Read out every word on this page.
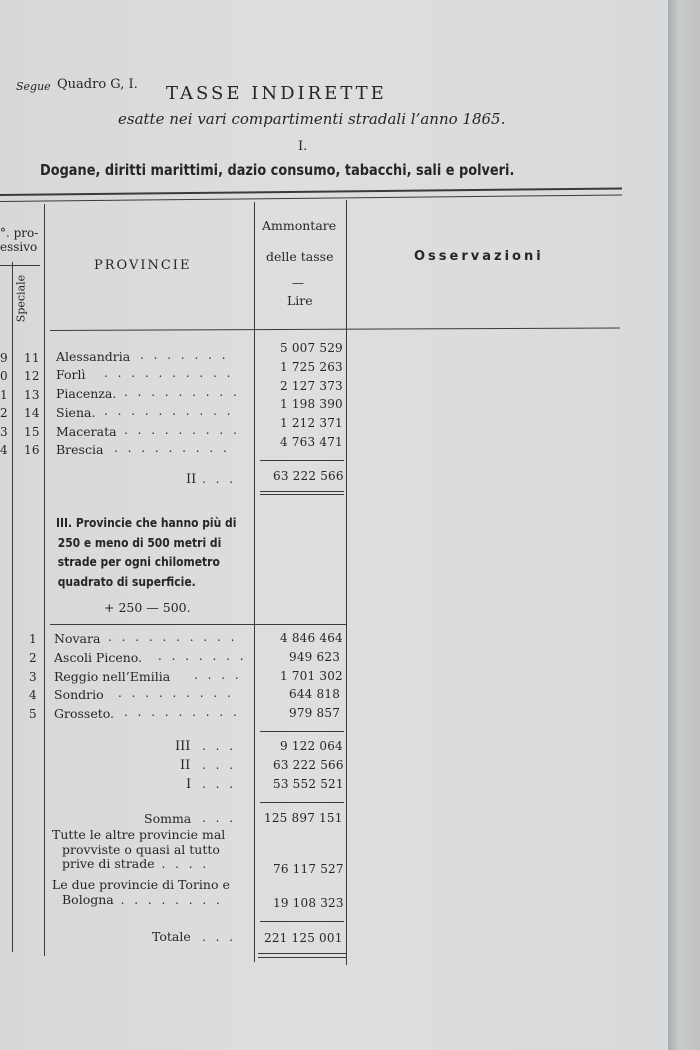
Segue Quadro G, I. TASSE INDIRETTE
esatte nei vari compartimenti stradali l’anno 1865.
I.
Dogane, diritti marittimi, dazio consumo, tabacchi, sali e polveri.
°. pro-
essivo
Speciale
PROVINCIE
Ammontare
delle tasse
—
Lire
Osservazioni
9 11 Alessandria . . . . . . .	5 007 529
0 12 Forlì . . . . . . . . . .	1 725 263
1 13 Piacenza. . . . . . . . . .	2 127 373
2 14 Siena. . . . . . . . . . .	1 198 390
3 15 Macerata . . . . . . . . .	1 212 371
4 16 Brescia . . . . . . . . .	4 763 471
II . . .	63 222 566
III. Provincie che hanno più di
250 e meno di 500 metri di
strade per ogni chilometro
quadrato di superficie.
+ 250 — 500.
1 Novara . . . . . . . . . .	4 846 464
2 Ascoli Piceno. . . . . . . .	949 623
3 Reggio nell’Emilia . . . .	1 701 302
4 Sondrio . . . . . . . . .	644 818
5 Grosseto. . . . . . . . . .	979 857
III . . .	9 122 064
II . . .	63 222 566
I . . .	53 552 521
Somma . . . 125 897 151
Tutte le altre provincie mal
provviste o quasi al tutto
prive di strade . . . .	76 117 527
Le due provincie di Torino e
Bologna . . . . . . . .	19 108 323
Totale . . . 221 125 001
